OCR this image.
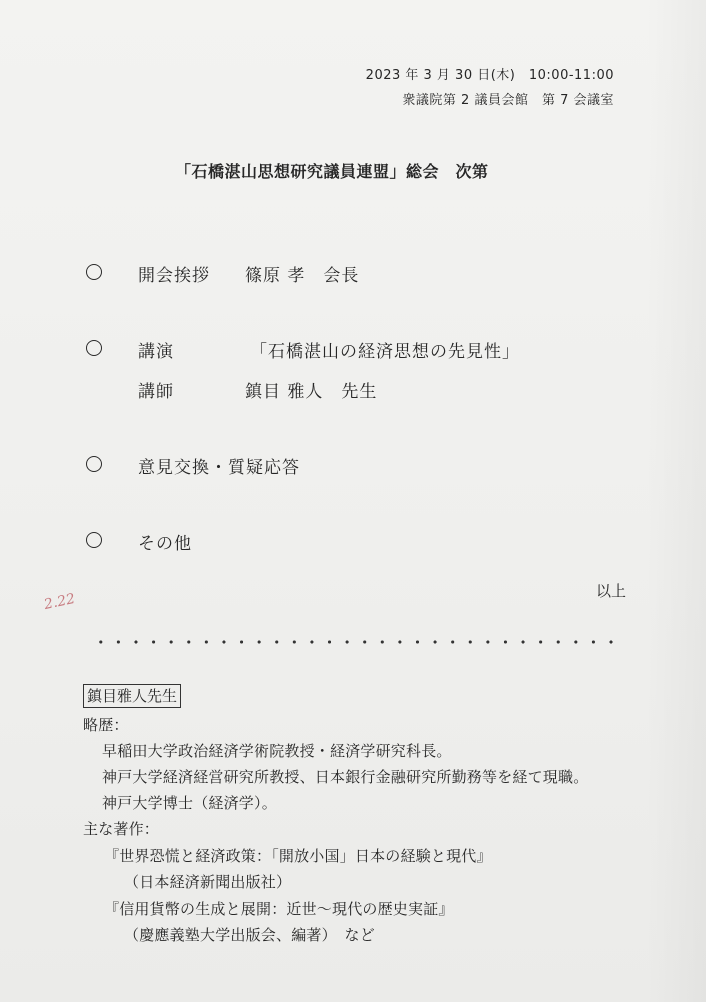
2023 年 3 月 30 日(木)　10:00-11:00
衆議院第 2 議員会館　第 7 会議室
「石橋湛山思想研究議員連盟」総会　次第
開会挨拶 篠原 孝　会長
講演	「石橋湛山の経済思想の先見性」
講師	鎮目 雅人　先生
意見交換・質疑応答
その他
以上
2.22
鎮目雅人先生
略歴：
早稲田大学政治経済学術院教授・経済学研究科長。
神戸大学経済経営研究所教授、日本銀行金融研究所勤務等を経て現職。
神戸大学博士（経済学）。
主な著作：
『世界恐慌と経済政策：「開放小国」日本の経験と現代』
（日本経済新聞出版社）
『信用貨幣の生成と展開：近世～現代の歴史実証』
（慶應義塾大学出版会、編著）　など
